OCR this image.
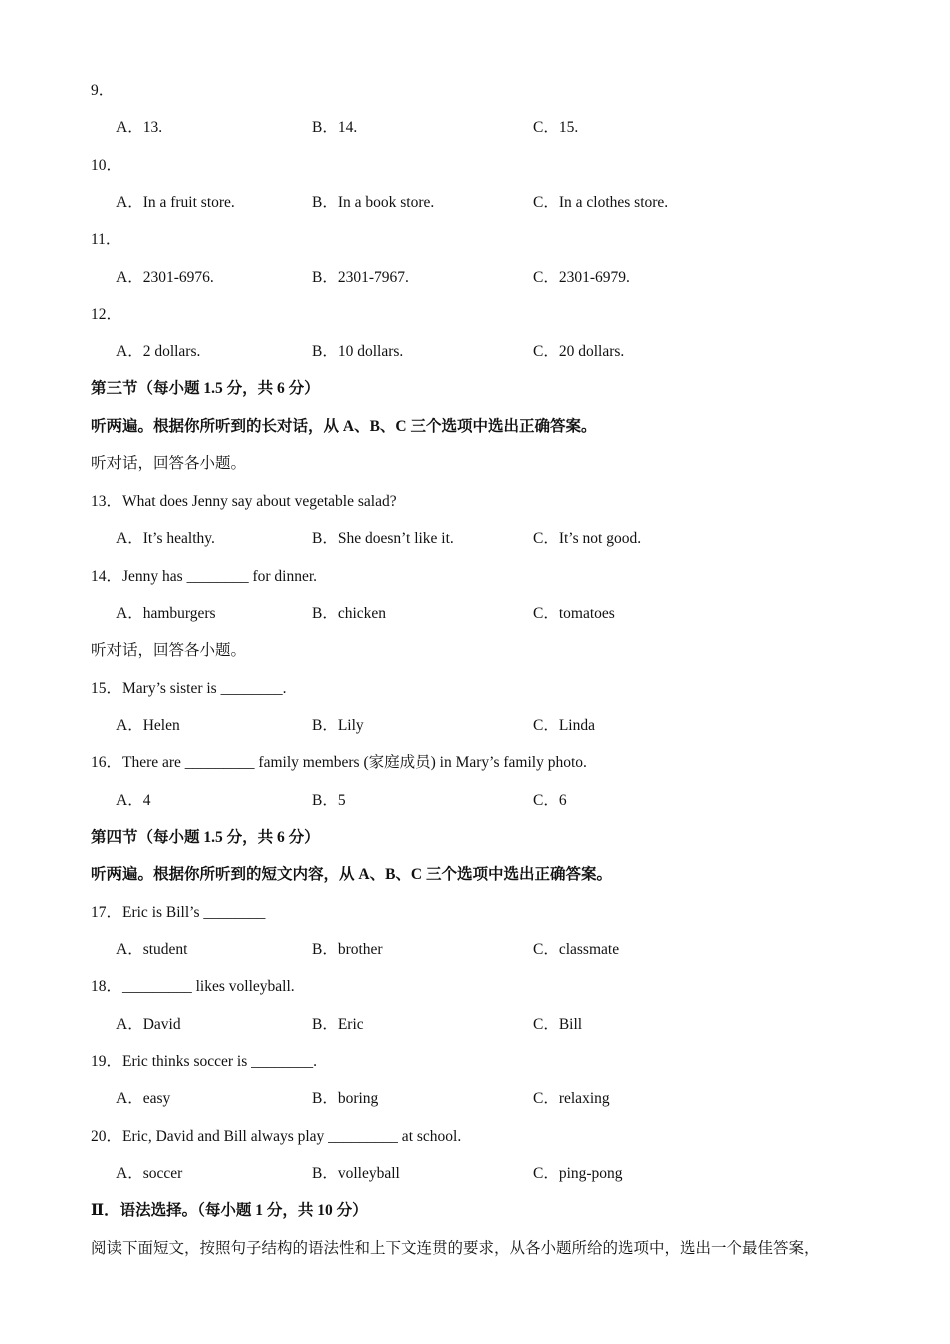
9．
A．13.	B．14.	C．15.
10．
A．In a fruit store.	B．In a book store.	C．In a clothes store.
11．
A．2301-6976.	B．2301-7967.	C．2301-6979.
12．
A．2 dollars.	B．10 dollars.	C．20 dollars.
第三节（每小题 1.5 分，共 6 分）
听两遍。根据你所听到的长对话，从 A、B、C 三个选项中选出正确答案。
听对话，回答各小题。
13．What does Jenny say about vegetable salad?
A．It’s healthy.	B．She doesn’t like it.	C．It’s not good.
14．Jenny has ________ for dinner.
A．hamburgers	B．chicken	C．tomatoes
听对话，回答各小题。
15．Mary’s sister is ________.
A．Helen	B．Lily	C．Linda
16．There are _________ family members (家庭成员) in Mary’s family photo.
A．4	B．5	C．6
第四节（每小题 1.5 分，共 6 分）
听两遍。根据你所听到的短文内容，从 A、B、C 三个选项中选出正确答案。
17．Eric is Bill’s ________
A．student	B．brother	C．classmate
18．_________ likes volleyball.
A．David	B．Eric	C．Bill
19．Eric thinks soccer is ________.
A．easy	B．boring	C．relaxing
20．Eric, David and Bill always play _________ at school.
A．soccer	B．volleyball	C．ping-pong
Ⅱ．语法选择。（每小题 1 分，共 10 分）
阅读下面短文，按照句子结构的语法性和上下文连贯的要求，从各小题所给的选项中，选出一个最佳答案，
